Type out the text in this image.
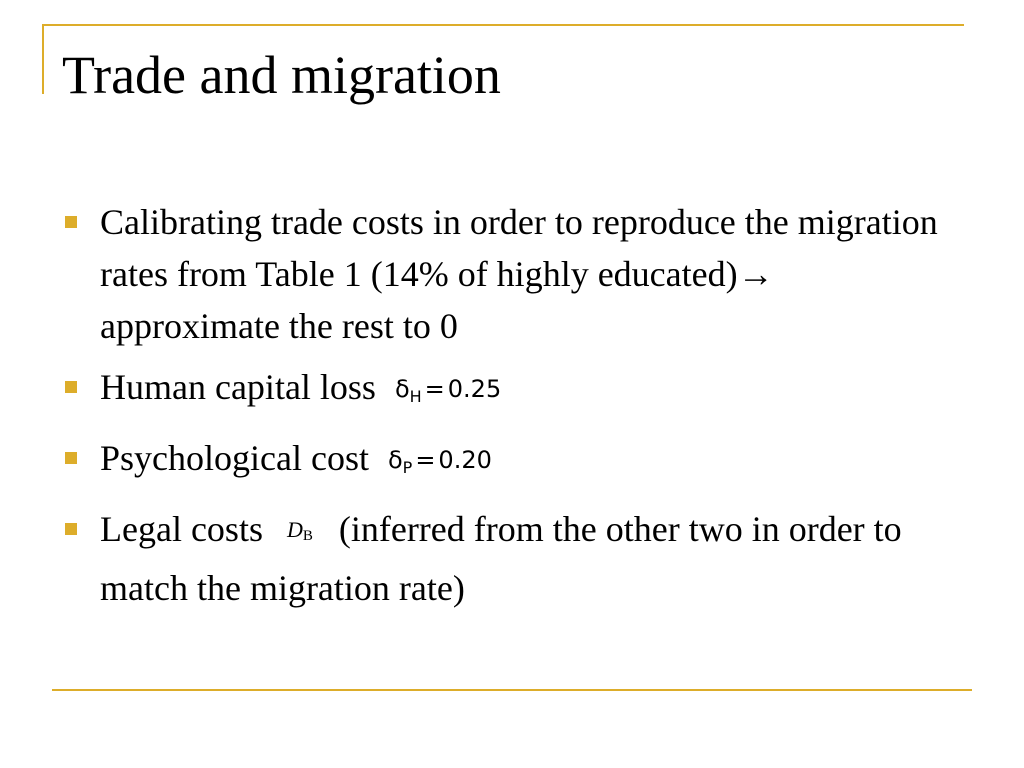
Trade and migration
Calibrating trade costs in order to reproduce the migration rates from Table 1 (14% of highly educated)→ approximate the rest to 0
Human capital loss $\delta_H = 0.25$
Psychological cost $\delta_P = 0.20$
Legal costs $D_B$ (inferred from the other two in order to match the migration rate)
